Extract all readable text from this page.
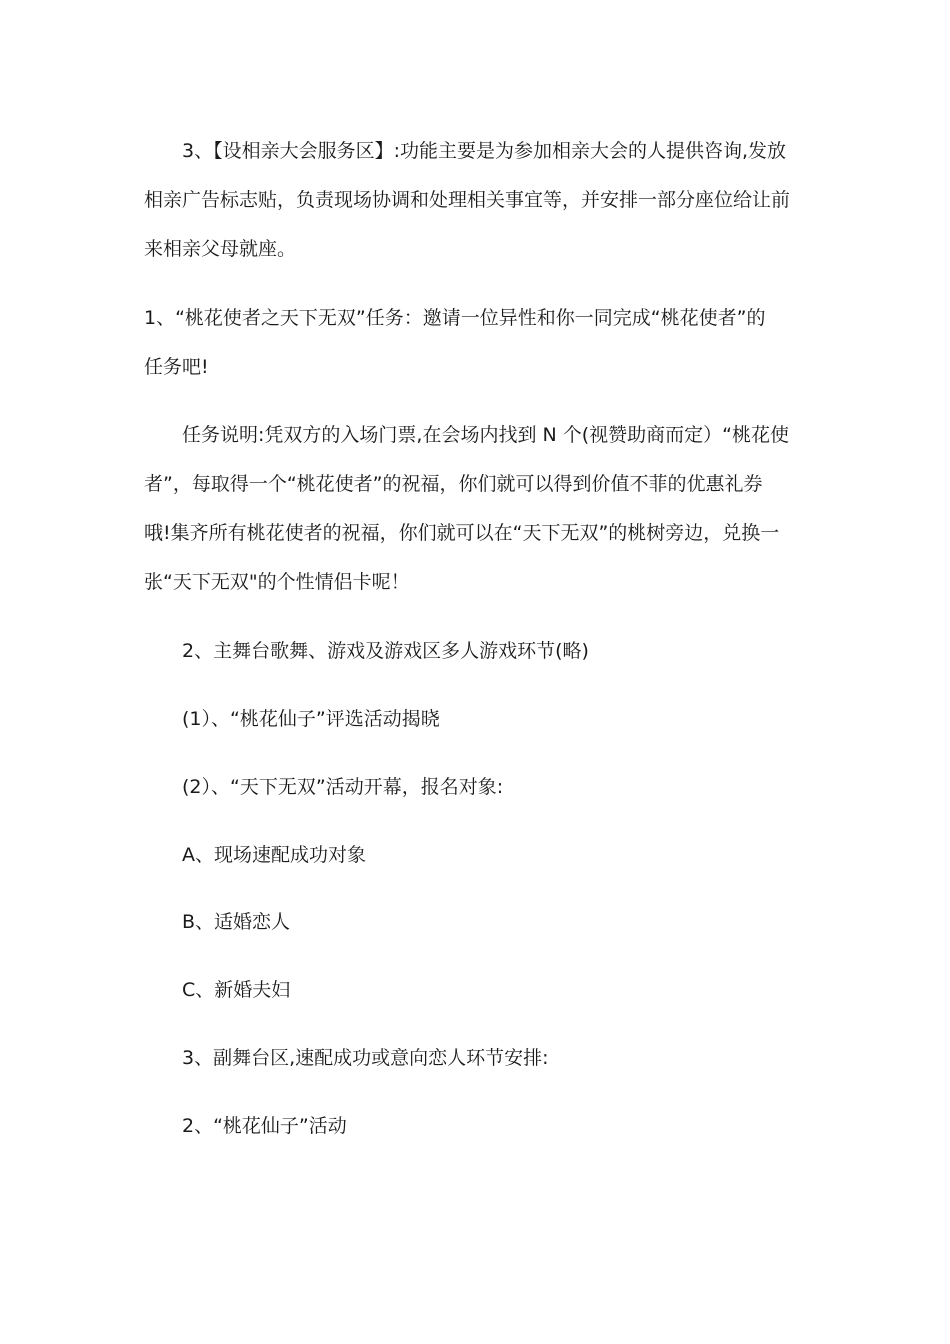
3、【设相亲大会服务区】:功能主要是为参加相亲大会的人提供咨询,发放
相亲广告标志贴，负责现场协调和处理相关事宜等，并安排一部分座位给让前
来相亲父母就座。
1、“桃花使者之天下无双”任务：邀请一位异性和你一同完成“桃花使者”的
任务吧!
任务说明:凭双方的入场门票,在会场内找到 N 个(视赞助商而定）“桃花使
者”，每取得一个“桃花使者”的祝福，你们就可以得到价值不菲的优惠礼券
哦!集齐所有桃花使者的祝福，你们就可以在“天下无双”的桃树旁边，兑换一
张“天下无双"的个性情侣卡呢！
2、主舞台歌舞、游戏及游戏区多人游戏环节(略)
(1）、“桃花仙子”评选活动揭晓
(2）、“天下无双”活动开幕，报名对象:
A、现场速配成功对象
B、适婚恋人
C、新婚夫妇
3、副舞台区,速配成功或意向恋人环节安排:
2、“桃花仙子”活动
